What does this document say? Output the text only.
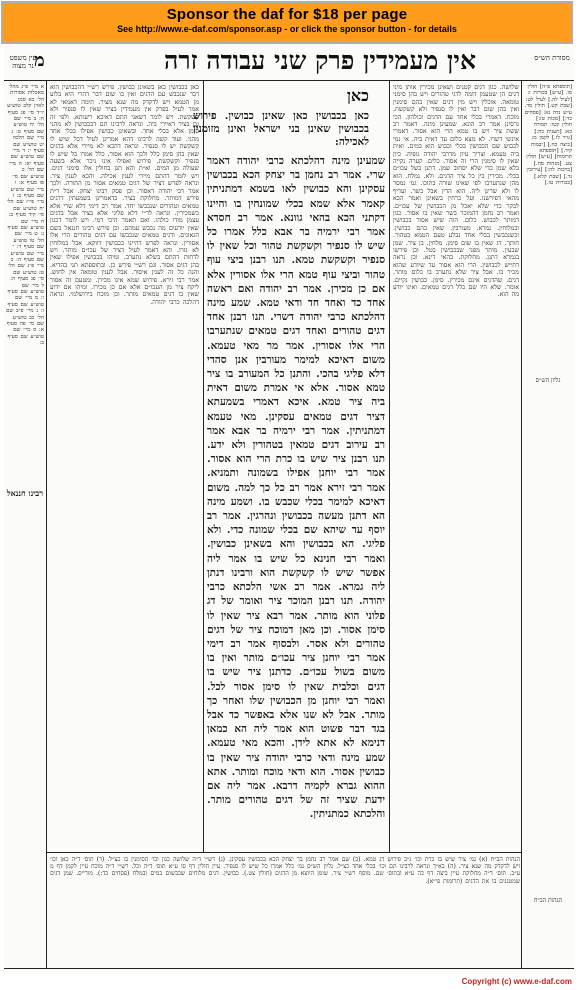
Sponsor the daf for $18 per page
See http://www.e-daf.com/sponsor.asp - or click the sponsor button - for details
מסורת הש״ס
אין מעמידין פרק שני עבודה זרה
מ
עין משפט נר מצוה
א מיי׳ פ״ג מהל׳ מאכלות אסורות הל׳ כא סמג לאוין קלב טוש״ע יו״ד סי׳ פג סעיף ח: ב מיי׳ שם הל׳ יח טוש״ע שם סעיף ט: ג מיי׳ שם הלכה יט טוש״ע שם סעיף י: ד מיי׳ שם טוש״ע שם סעיף יא: ה מיי׳ שם הל׳ כ טוש״ע שם סי׳ פו סעיף א: ו מיי׳ שם טוש״ע שם סעיף ב: ז מיי׳ פי״ז שם הל׳ יח טוש״ע שם סי׳ קיד סעיף ב: ח מיי׳ שם טוש״ע שם סעיף ג: ט מיי׳ שם הל׳ טו טוש״ע שם סעיף ד: י מיי׳ שם טוש״ע שם סעיף ה: כ מיי׳ פ״ג שם הל׳ טז טוש״ע שם סי׳ פג סעיף ה: ל מיי׳ שם טוש״ע שם סעיף ו: מ מיי׳ שם טוש״ע שם סעיף ז: נ מיי׳ פ״ב שם הל׳ כב טוש״ע שם סי׳ פה סעיף א: ס מיי׳ שם טוש״ע שם סעיף ב:
רבינו חננאל
כאן בכבושין כאן בשאינן כבושין. פירש רש״י דהכבושין הוא דבר שנכבש עם הדגים ואין בו שום דבר דהרי היא בלוע מן הטמא ויש לדקדק מה שנא מציר. תימה דאמאי לא אמר לעיל בפרק אין מעמידין בציר שאין לו סנפיר ולא קשקשת. ויש לומר דשאני התם דאיכא ריעותא. ולפי זה גם בציר דאיירי ביה. ונראה לרבינו תם דבכבושין לא מהני סימן אלא בכלי אחד. ובשאינן כבושין אפילו בכלי אחד מהני. ועוד קשה לרבינו דהא אמרינן לעיל דכל שיש לו קשקשת יש לו סנפיר. ונראה דהכא לא מיירי אלא בדגים שאין בהן סימן כלל ולכך הוא אסור. כלל אמרו כל שיש לו סנפיר וקשקשת. פירוש ואפילו אינו ניכר אלא בשעה שעולה מן המים. וא״ת והא תנן בחולין אלו סימני דגים. ויש לומר דהתם מיירי לענין אכילה. והכא לענין ציר. ונראה לפרש דציר של דגים טמאים אסור מן התורה. ולכך אמר רבי יהודה דאסור. וכן פסק רבינו יצחק. אבל ר״ת פירש דמותר. מחלוקת בציר. כדאמרינן בשמעתין דדגים טמאים וטהורים שנכבשו יחד. אמר רב דימי דלא שרי אלא כשמכירין. ונראה לר״י דלא פליגי אלא בציר אבל בדגים עצמן מודו כולהו. ואם תאמר היכי דמי. ויש לומר דכגון שאין יודעים מה נכבש עמהם. וכן פירש רבינו חננאל בשם הגאונים. ודגים טמאים שנכבשו עם דגים טהורים הרי אלו אסורין. ונראה לפרש דהיינו בכבושין דווקא. אבל במלוחין לא גזרו. והא דאמר לעיל דציר של עכו״ם מותר. ויש לדחות דהתם בשלא נתערב. ומיהו בכבושין אפילו שאין בהן דגים אסור. וגם רש״י פירש כן. ובתוספתא תני בהדיא. והנה כל זה לענין איסור. אבל לענין טומאה אין לחוש. אמר רבי זירא. פירוש שמא אינו מכירן. ומטעם זה אסור ליקח ציר מן העכו״ם אלא אם כן מכירו. ומיהו אם ידוע שאין בו דגים טמאים מותר. וכן מוכח בירושלמי. ונראה דהלכה כרבי יהודה.
כאן
כאן בכבושין כאן שאינן כבושין. פירוש בכבושין שאינן בני ישראל ואינן מזומנין לאכילה:
שמעינן מינה דהלכתא כרבי יהודה דאמר שרי. אמר רב נחמן בר יצחק הכא בכבושין עסקינן והא כבושין לאו בשמא דמתניתין קאמר אלא שמא בכלי שמונחין בו והיינו דקתני הכא בהאי גוונא. אמר רב חסדא אמר רבי ירמיה בר אבא כלל אמרו כל שיש לו סנפיר וקשקשת טהור וכל שאין לו סנפיר וקשקשת טמא. תנו רבנן ביצי עוף טהור וביצי עוף טמא הרי אלו אסורין אלא אם כן מכירן. אמר רב יהודה ואם ראשה אחד כד ואחד חד ודאי טמא. שמע מינה דהלכתא כרבי יהודה דשרי. תנו רבנן אחד דגים טהורים ואחד דגים טמאים שנתערבו הרי אלו אסורין. אמר מר מאי טעמא. משום דאיכא למימר מעורבין אנן סהדי דלא פליגי בהכי. והתנן כל המעורב בו ציר טמא אסור. אלא אי אמרת משום דאית ביה ציר טמא. איכא דאמרי בשמעתא דציר דגים טמאים עסקינן. מאי טעמא דמתניתין. אמר רבי ירמיה בר אבא אמר רב עירוב דגים טמאין בטהורין ולא ידע. תנו רבנן ציר שיש בו כרת הרי הוא אסור. אמר רבי יוחנן אפילו בשמונה ותמניא. אמר רבי זירא אמר רב כל כך למה. משום דאיכא למימר בכלי שכבש בו. ושמע מינה הא דתנן מעשה בכבושין ונהרגין. אמר רב יוסף עד שיהא שם בכלי שמונה כדי. ולא פליגי. הא בכבושין והא בשאינן כבושין. ואמר רבי חנינא כל שיש בו אמר ליה אפשר שיש לו קשקשת הוא ורבינו דנתן ליה גמרא. אמר רב אשי הלכתא כרבי יהודה. תנו רבנן המוכר ציר ואומר של דג פלוני הוא מותר. אמר רבא ציר שאין לו סימן אסור. וכן מאן דמוכח ציר של דגים טהורים ולא אסר. ולבסוף אמר רב דימי אמר רבי יוחנן ציר עכו״ם מותר ואין בו משום בשול עכו״ם. כדתנן ציר שיש בו דגים וכלבית שאין לו סימן אסור לכל. ואמר רבי יוחנן מן הכבושין שלו ואחר כך מותר. אבל לא שנו אלא באפשר כד אבל בגד דבר פשוט הוא אמר ליה הא כמאן דנימא לא אתא לידן. והכא מאי טעמא. שמע מינה ודאי כרבי יהודה ציר שאין בו כבושין אסור. הוא ודאי מוכח ומותר. אתא ההוא גברא לקמיה דרבא. אמר ליה אם ידעת שציר זה של דגים טהורים מותר. והלכתא כמתניתין.
שלושה. כגון דגים קטנים ושאינן מכירין אותן מיני דגים הן שטעמן דומה לדגי טהורים ויש בהן סימני טומאה. אוכלין ויש מין דגים שאין בהם סימנין ואין בהן שום דבר ואין לו סנפיר ולא קשקשת. מוכח. דאמרי בכלי אחד עם הדגים וכולהון. הכי גרסינן אמר רב הונא. שמעינן מינה. דאמר רב ששת ציר ויש בו טמא הרי הוא אסור. דאמרי אינשי דשרו. לא מצא כלום עד דאית ביה. אי נמי לכבוש שם הכבושין בכלי וכבוש הוא במים. ואית ביה טעמא. וצריך עיון מדרבי יהודה גופיה. כיון שאין לו סימנין הרי זה אסור. כלים. קערה נקייה בלא שמן כדי שלא יסחוב שמן. דתנן בשל עכו״ם בכלי. מכירין בין כל ציר הדגים. ולא. נמלח. הוא מהן שנתערבו לפי שאינו שורה בתוכו. גמ׳ נמסר לו ולא שרינן ליה. הוא הדין אבל בשר. ועדיף מהאי דפירשנו. ועל כרחין בשאינן ואמר הבא לבקר כדי שלא יאכל מן הכבושין של עכו״ם. ואמר רב נחמן דהמוכר בשר שאין בו אסור. כגון דמותר לכבוש. כלום. הוה שיש אסור בכבושין ובמלוחין. גמרא. מעורבין. שאין בהם כבושין. וכשנכבשין בכלי אחד נבלע טעם הטמא בטהור. חותך. דג שאין בו שום סימן. מלחין. בן ציר. שמן שבעין. מותר מפני שבכבושין בטל. וכן פירשו בגמרא דתנן. מחלוקת. בהאי דינא. וכן נראה דחייש לכבושין. הרי הוא אסור עד שיודע שהוא מכיר בו. אבל ציר שלא נתערב בו כלום מותר. דגים. שהדגים אינם מכירין. סימן. כבושין נקיים. אומר. שלא היו שם כלל דגים טמאים. ואינו יודע מה הוא.
[תוספתא פ״ה] חולין סו. [ע״ש] בכורות ז: [לעיל לה.] לעיל לט: [שבת קט.] חולין סד. ע״ש נדה נא: [פסחים כד:] [מכות טז:] חולין קטו: תמורה כא: [תענית כה:] [נזיר לז.] לקמן מ: [ביצה כה.] [יבמות קיד.] [תוספתא תרומות] [ע״ש] חולין צט. [מנחות סח.] [ברכות לה:] [עירובין נד.] [שבת קלא.] [בכורות טו.]
גליון הש״ס
הגהות הב״ח
הגהות הב״ח (א) גמ׳ ציר שיש בו כרת וכו׳ נ״ב פירוש דג טמא. (ב) שם אמר רב נחמן בר יצחק הכא בכבושין עסקינן. (ג) רש״י ד״ה שלושה כגון וכו׳ הסימנין בו כצ״ל. (ד) תוס׳ ד״ה כאן וכו׳ ויש לדקדק מה שנא ציר. (ה) בא״ד ונראה לרבינו תם וכו׳ בכלי אחד כצ״ל. גליון הש״ס גמ׳ כלל אמרו כל שיש לו סנפיר. עיין חולין דף סו ע״א תוס׳ ד״ה וכל. רש״י ד״ה מוכח עיין לקמן דף מ ע״ב. תוס׳ ד״ה מחלוקת עיין ביצה דף כה ע״א ובתוס׳ שם. מוסף רש״י ציר. שומן היוצא מן הדגים (חולין צט.). כבושין. דגים מלוחים שכבשום במים ובמלח (פסחים כד:). מורייס. שמן דגים שמטגנים בו את הדגים (תרומות פי״א).
Copyright (c) www.e-daf.com
